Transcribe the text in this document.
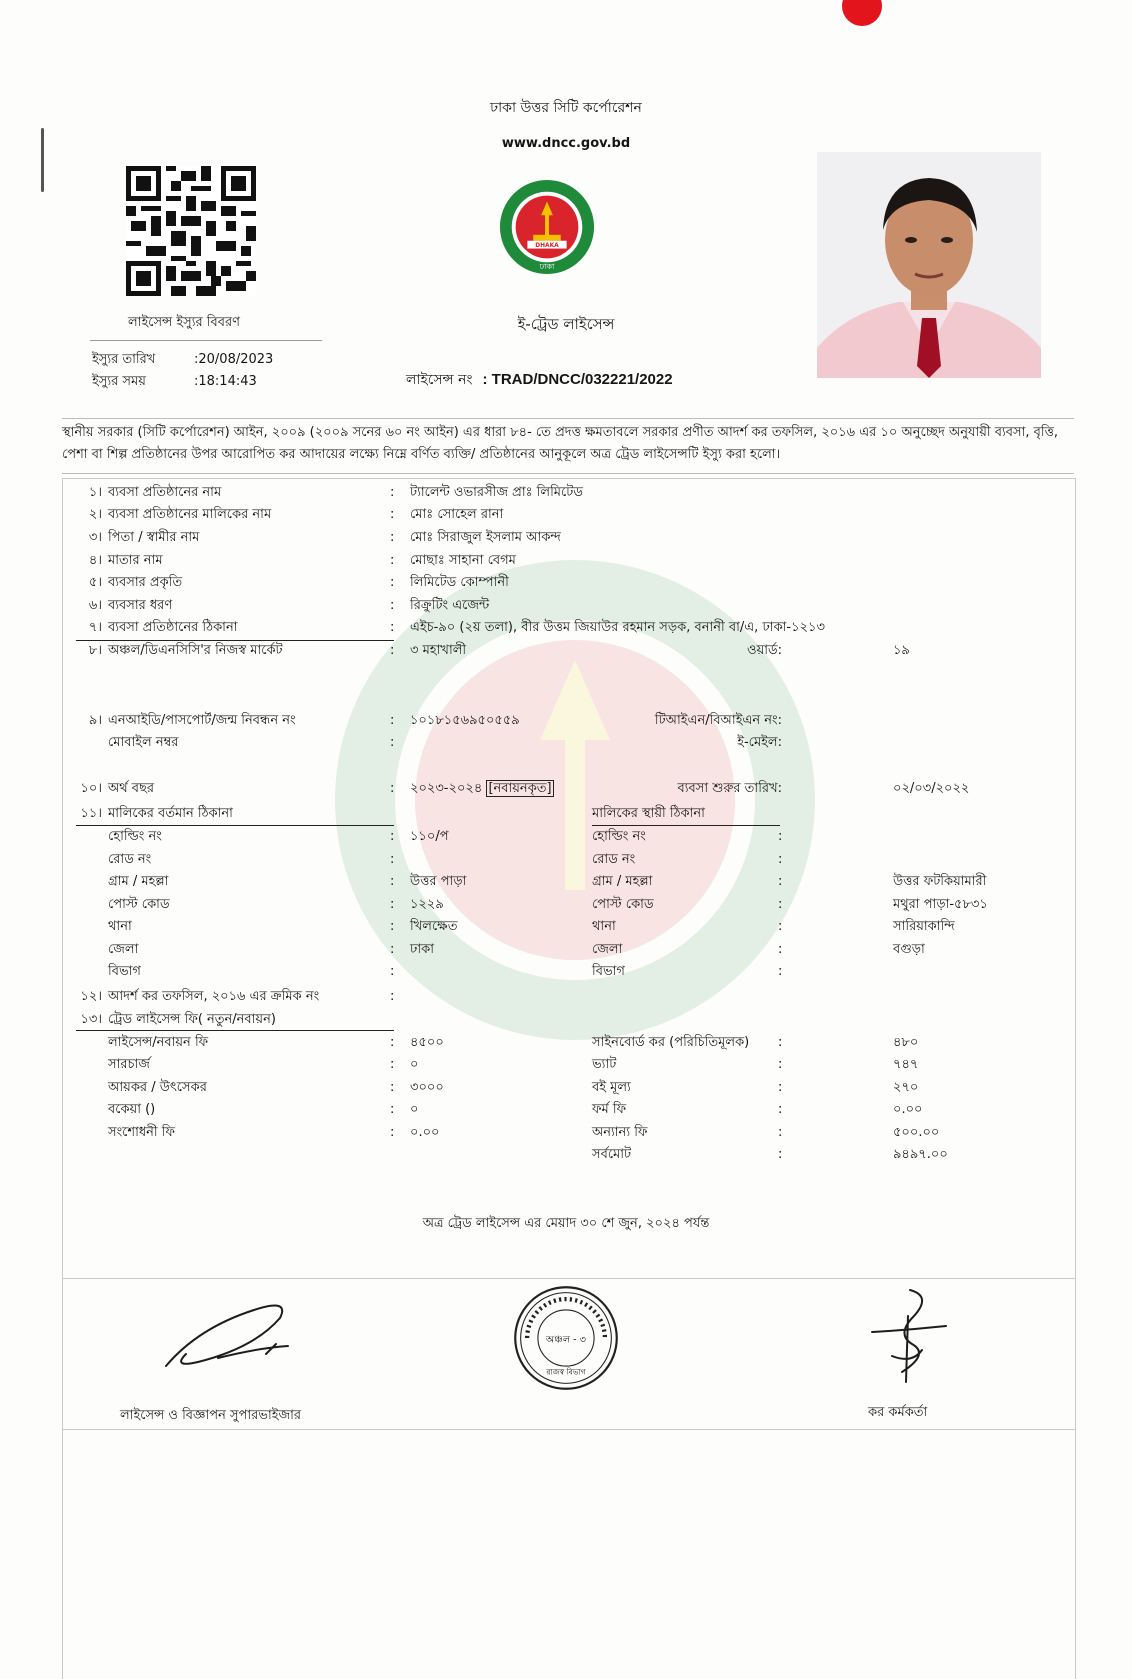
ঢাকা উত্তর সিটি কর্পোরেশন
www.dncc.gov.bd
লাইসেন্স ইস্যুর বিবরণ
ইস্যুর তারিখ	:20/08/2023
ইস্যুর সময়	:18:14:43
DHAKA
ঢাকা
ই-ট্রেড লাইসেন্স
লাইসেন্স নং : TRAD/DNCC/032221/2022
স্থানীয় সরকার (সিটি কর্পোরেশন) আইন, ২০০৯ (২০০৯ সনের ৬০ নং আইন) এর ধারা ৮৪- তে প্রদত্ত ক্ষমতাবলে সরকার প্রণীত আদর্শ কর তফসিল, ২০১৬ এর ১০ অনুচ্ছেদ অনুযায়ী ব্যবসা, বৃত্তি, পেশা বা শিল্প প্রতিষ্ঠানের উপর আরোপিত কর আদায়ের লক্ষ্যে নিম্নে বর্ণিত ব্যক্তি/ প্রতিষ্ঠানের আনুকূলে অত্র ট্রেড লাইসেন্সটি ইস্যু করা হলো।
১। ব্যবসা প্রতিষ্ঠানের নাম	: ট্যালেন্ট ওভারসীজ প্রাঃ লিমিটেড
২। ব্যবসা প্রতিষ্ঠানের মালিকের নাম	: মোঃ সোহেল রানা
৩। পিতা / স্বামীর নাম	: মোঃ সিরাজুল ইসলাম আকন্দ
৪। মাতার নাম	: মোছাঃ সাহানা বেগম
৫। ব্যবসার প্রকৃতি	: লিমিটেড কোম্পানী
৬। ব্যবসার ধরণ	: রিক্রুটিং এজেন্ট
৭। ব্যবসা প্রতিষ্ঠানের ঠিকানা	: এইচ-৯০ (২য় তলা), বীর উত্তম জিয়াউর রহমান সড়ক, বনানী বা/এ, ঢাকা-১২১৩
৮। অঞ্চল/ডিএনসিসি'র নিজস্ব মার্কেট	: ৩ মহাখালী	ওয়ার্ড:	১৯
৯। এনআইডি/পাসপোর্ট/জন্ম নিবন্ধন নং	: ১০১৮১৫৬৯৫০৫৫৯	টিআইএন/বিআইএন নং:
মোবাইল নম্বর	:	ই-মেইল:
১০। অর্থ বছর	: ২০২৩-২০২৪ [নবায়নকৃত]	ব্যবসা শুরুর তারিখ:	০২/০৩/২০২২
১১। মালিকের বর্তমান ঠিকানা	মালিকের স্থায়ী ঠিকানা
হোল্ডিং নং	: ১১০/প	হোল্ডিং নং	:
রোড নং	:	রোড নং	:
গ্রাম / মহল্লা	: উত্তর পাড়া	গ্রাম / মহল্লা	:	উত্তর ফটকিয়ামারী
পোস্ট কোড	: ১২২৯	পোস্ট কোড	:	মথুরা পাড়া-৫৮৩১
থানা	: খিলক্ষেত	থানা	:	সারিয়াকান্দি
জেলা	: ঢাকা	জেলা	:	বগুড়া
বিভাগ	:	বিভাগ	:
১২। আদর্শ কর তফসিল, ২০১৬ এর ক্রমিক নং	:
১৩। ট্রেড লাইসেন্স ফি( নতুন/নবায়ন)
লাইসেন্স/নবায়ন ফি	: ৪৫০০	সাইনবোর্ড কর (পরিচিতিমূলক) :	৪৮০
সারচার্জ	: ০	ভ্যাট	:	৭৪৭
আয়কর / উৎসেকর	: ৩০০০	বই মূল্য	:	২৭০
বকেয়া ()	: ০	ফর্ম ফি	:	০.০০
সংশোধনী ফি	: ০.০০	অন্যান্য ফি	:	৫০০.০০
সর্বমোট	:	৯৪৯৭.০০
অত্র ট্রেড লাইসেন্স এর মেয়াদ ৩০ শে জুন, ২০২৪ পর্যন্ত
অঞ্চল - ৩
রাজস্ব বিভাগ
লাইসেন্স ও বিজ্ঞাপন সুপারভাইজার	কর কর্মকর্তা
